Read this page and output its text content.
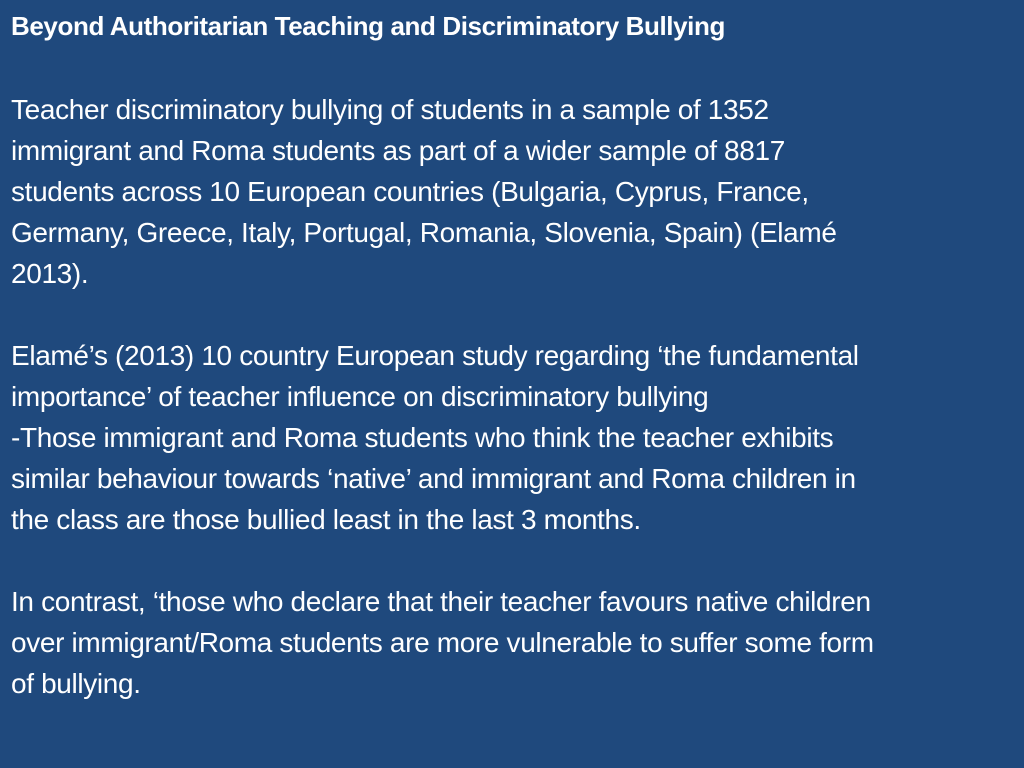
Beyond Authoritarian Teaching and Discriminatory Bullying
Teacher discriminatory bullying of students in a sample of 1352
immigrant and Roma students as part of a wider sample of 8817
students across 10 European countries (Bulgaria, Cyprus, France,
Germany, Greece, Italy, Portugal, Romania, Slovenia, Spain) (Elamé
2013).
Elamé’s (2013) 10 country European study regarding ‘the fundamental
importance’ of teacher influence on discriminatory bullying
-Those immigrant and Roma students who think the teacher exhibits
similar behaviour towards ‘native’ and immigrant and Roma children in
the class are those bullied least in the last 3 months.
In contrast, ‘those who declare that their teacher favours native children
over immigrant/Roma students are more vulnerable to suffer some form
of bullying.
